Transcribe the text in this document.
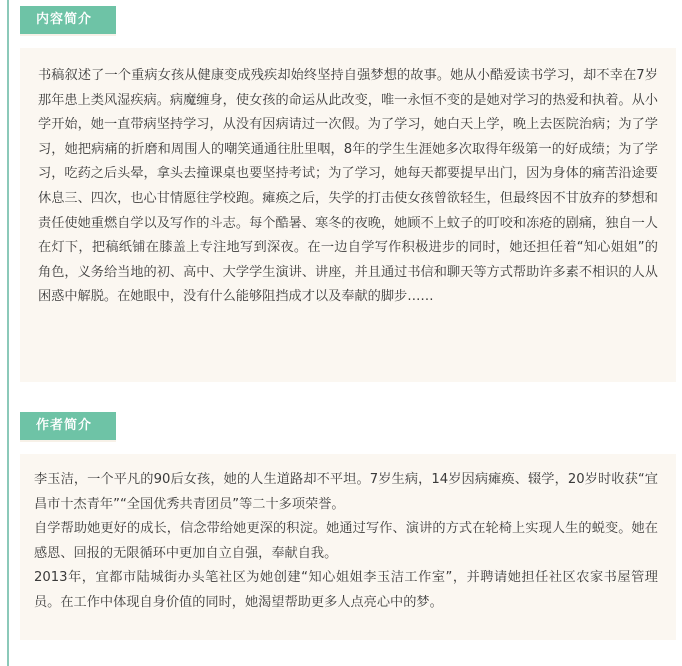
内容简介

书稿叙述了一个重病女孩从健康变成残疾却始终坚持自强梦想的故事。她从小酷爱读书学习，却不幸在7岁那年患上类风湿疾病。病魔缠身，使女孩的命运从此改变，唯一永恒不变的是她对学习的热爱和执着。从小学开始，她一直带病坚持学习，从没有因病请过一次假。为了学习，她白天上学，晚上去医院治病；为了学习，她把病痛的折磨和周围人的嘲笑通通往肚里咽，8年的学生生涯她多次取得年级第一的好成绩；为了学习，吃药之后头晕，拿头去撞课桌也要坚持考试；为了学习，她每天都要提早出门，因为身体的痛苦沿途要休息三、四次，也心甘情愿往学校跑。瘫痪之后，失学的打击使女孩曾欲轻生，但最终因不甘放弃的梦想和责任使她重燃自学以及写作的斗志。每个酷暑、寒冬的夜晚，她顾不上蚊子的叮咬和冻疮的剧痛，独自一人在灯下，把稿纸铺在膝盖上专注地写到深夜。在一边自学写作积极进步的同时，她还担任着“知心姐姐”的角色，义务给当地的初、高中、大学学生演讲、讲座，并且通过书信和聊天等方式帮助许多素不相识的人从困惑中解脱。在她眼中，没有什么能够阻挡成才以及奉献的脚步……

作者简介

李玉洁，一个平凡的90后女孩，她的人生道路却不平坦。7岁生病，14岁因病瘫痪、辍学，20岁时收获“宜昌市十杰青年”“全国优秀共青团员”等二十多项荣誉。

自学帮助她更好的成长，信念带给她更深的积淀。她通过写作、演讲的方式在轮椅上实现人生的蜕变。她在感恩、回报的无限循环中更加自立自强，奉献自我。

2013年，宜都市陆城街办头笔社区为她创建“知心姐姐李玉洁工作室”，并聘请她担任社区农家书屋管理员。在工作中体现自身价值的同时，她渴望帮助更多人点亮心中的梦。
